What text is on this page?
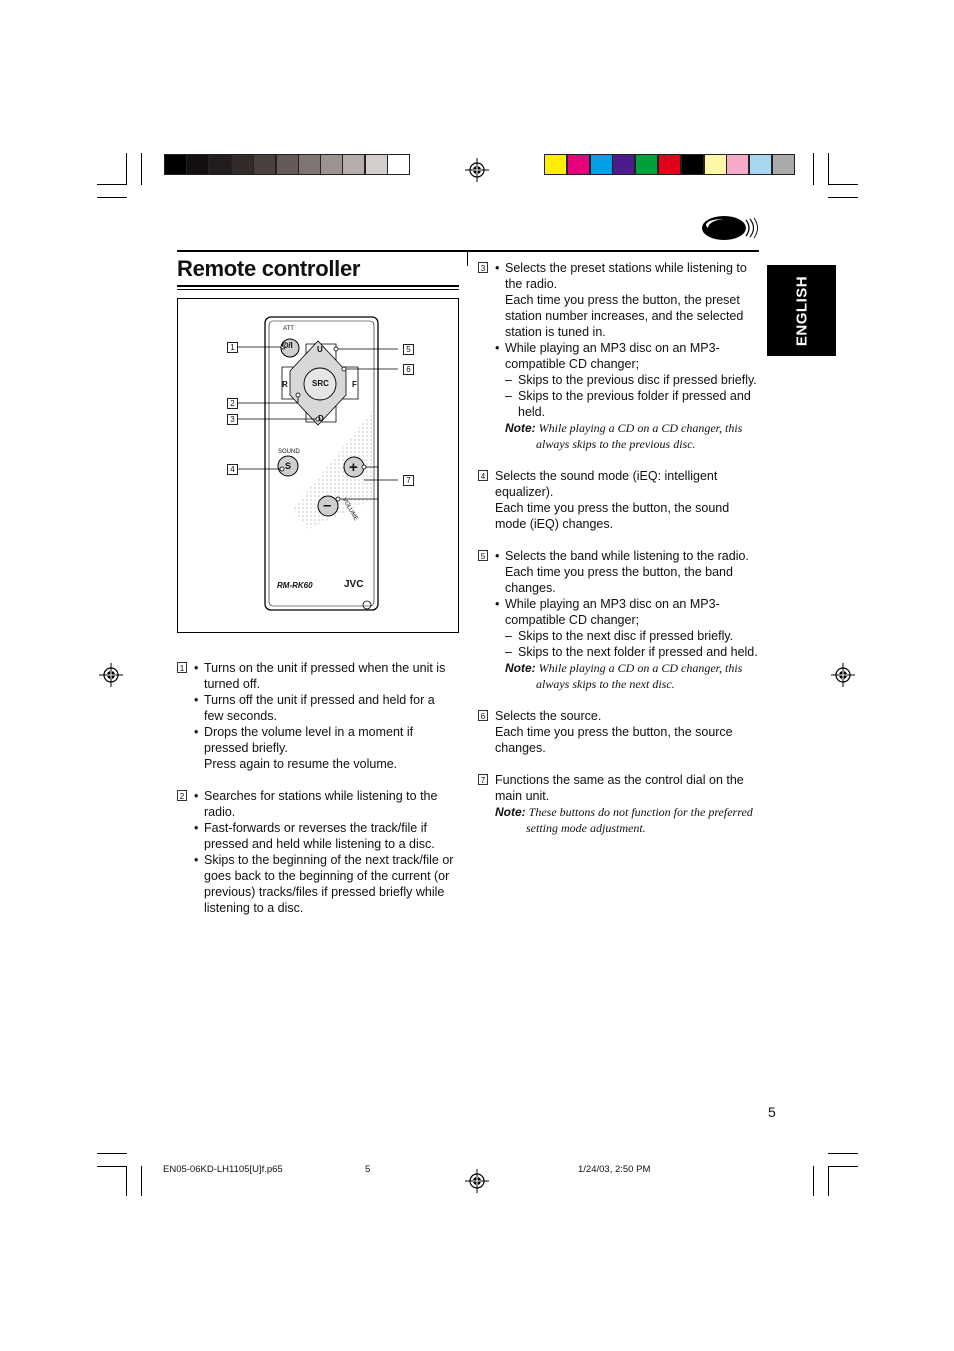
Remote controller
ENGLISH
ATT
⏻/I	U
R	SRC	F
D
SOUND
S	+
– VOLUME
RM-RK60	JVC
1
2
3
4
5
6
7
1	• Turns on the unit if pressed when the unit is turned off.
• Turns off the unit if pressed and held for a few seconds.
• Drops the volume level in a moment if pressed briefly.
Press again to resume the volume.
2	• Searches for stations while listening to the radio.
• Fast-forwards or reverses the track/file if pressed and held while listening to a disc.
• Skips to the beginning of the next track/file or goes back to the beginning of the current (or previous) tracks/files if pressed briefly while listening to a disc.
3	• Selects the preset stations while listening to the radio.
Each time you press the button, the preset station number increases, and the selected station is tuned in.
• While playing an MP3 disc on an MP3-compatible CD changer;
– Skips to the previous disc if pressed briefly.
– Skips to the previous folder if pressed and held.
Note: While playing a CD on a CD changer, this always skips to the previous disc.
4 Selects the sound mode (iEQ: intelligent equalizer).
Each time you press the button, the sound mode (iEQ) changes.
5	• Selects the band while listening to the radio.
Each time you press the button, the band changes.
• While playing an MP3 disc on an MP3-compatible CD changer;
– Skips to the next disc if pressed briefly.
– Skips to the next folder if pressed and held.
Note: While playing a CD on a CD changer, this always skips to the next disc.
6 Selects the source.
Each time you press the button, the source changes.
7 Functions the same as the control dial on the main unit.
Note: These buttons do not function for the preferred setting mode adjustment.
5
EN05-06KD-LH1105[U]f.p65	5	1/24/03, 2:50 PM
